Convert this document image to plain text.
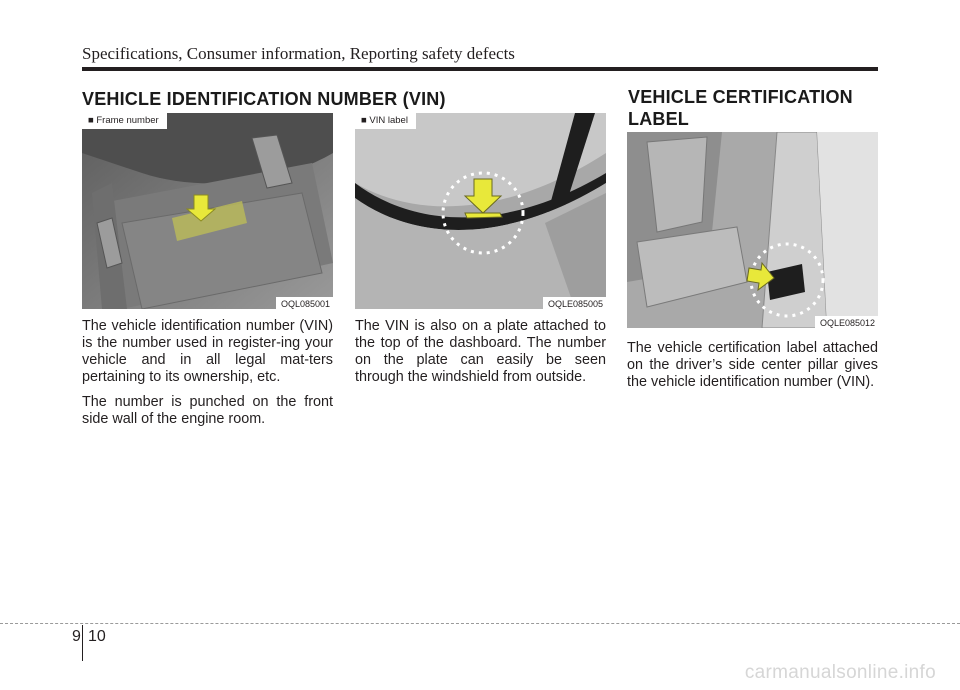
Specifications, Consumer information, Reporting safety defects
VEHICLE IDENTIFICATION NUMBER (VIN)	VEHICLE CERTIFICATION
LABEL
■ Frame number
OQL085001
■ VIN label
OQLE085005
OQLE085012

The vehicle identification number (VIN) is the number used in register-ing your vehicle and in all legal mat-ters pertaining to its ownership, etc.

The number is punched on the front side wall of the engine room.

The VIN is also on a plate attached to the top of the dashboard. The number on the plate can easily be seen through the windshield from outside.

The vehicle certification label attached on the driver’s side center pillar gives the vehicle identification number (VIN).

9 10
carmanualsonline.info
